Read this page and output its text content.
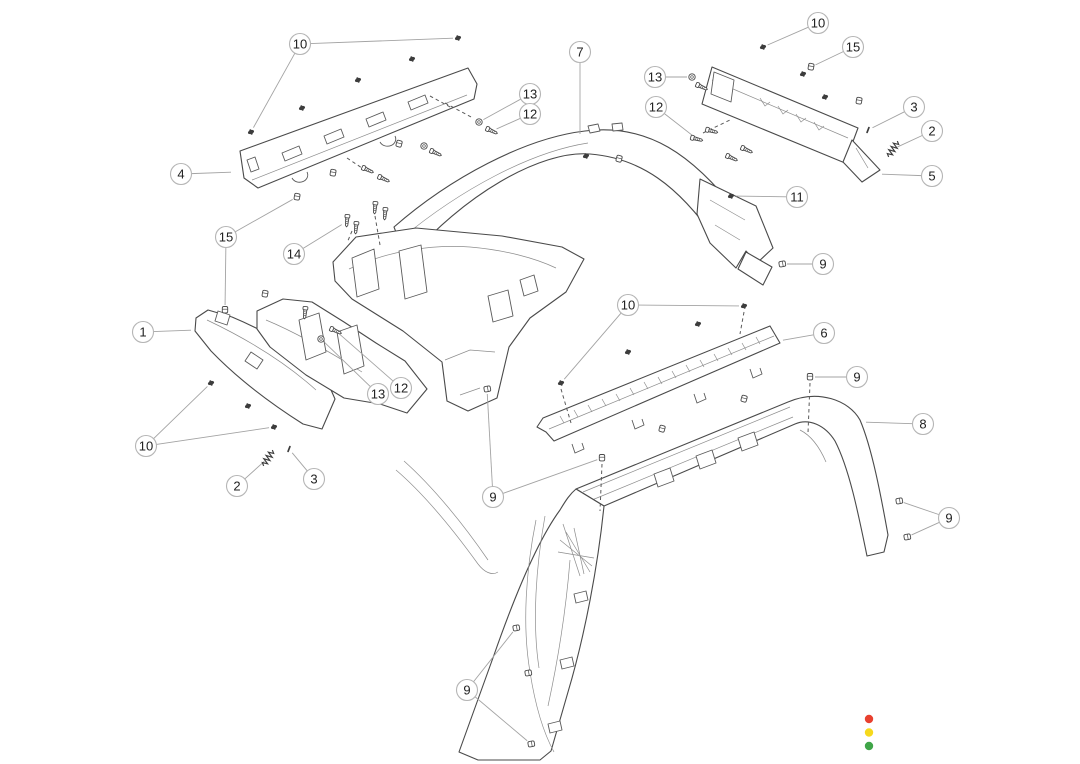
10
4
13
12
7
15
14
1
13 12
10
2	3
10
6
9
8
9
9
9
10
15
13
12	3
2
5
11
9
